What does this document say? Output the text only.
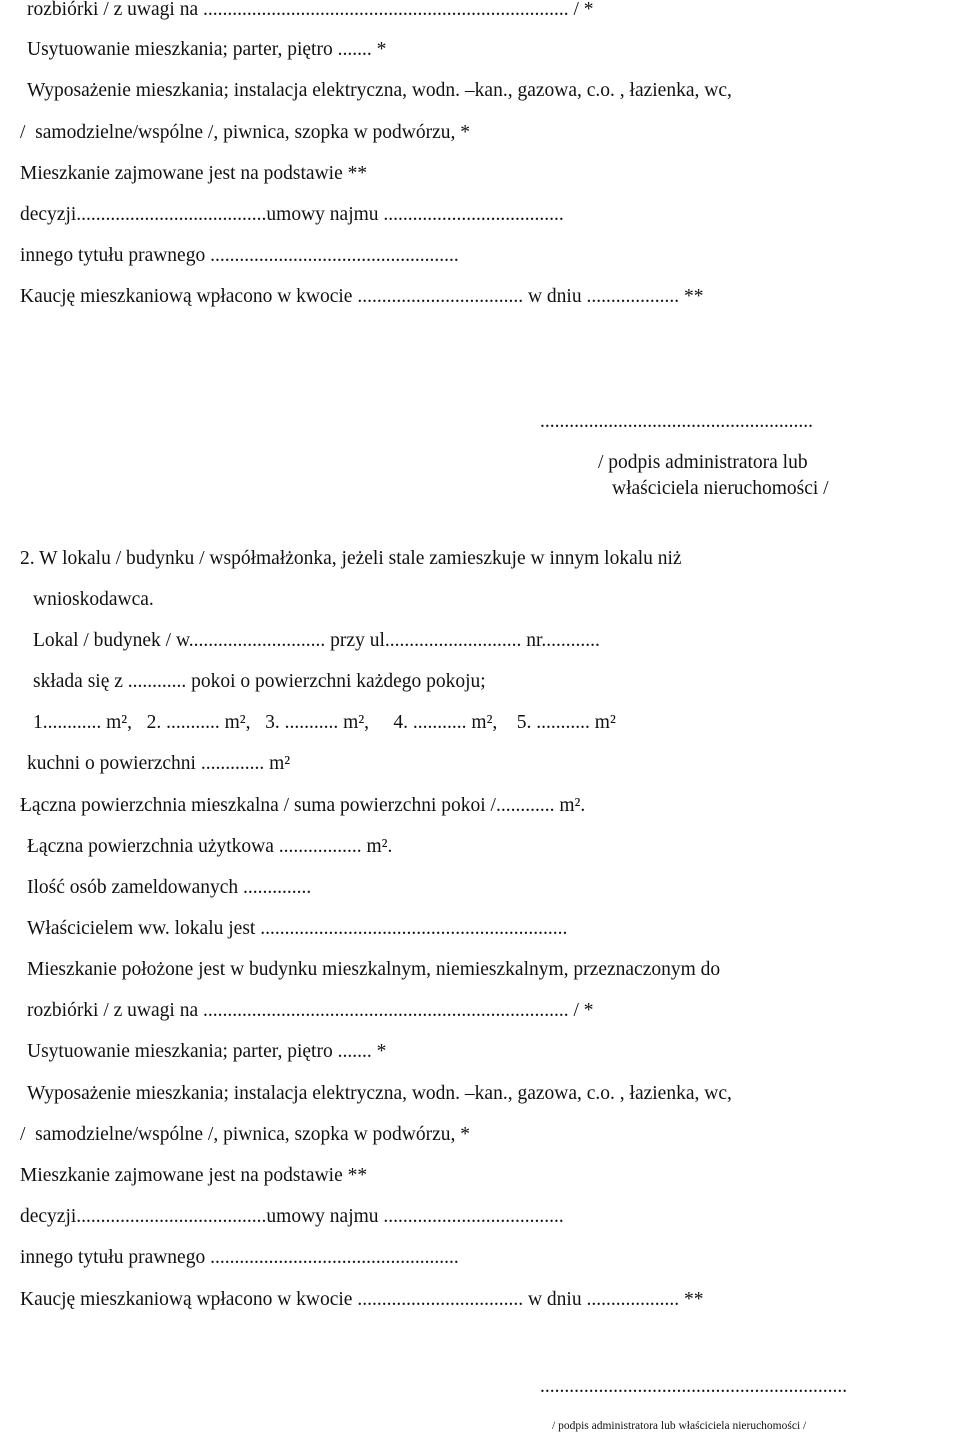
rozbiórki / z uwagi na ........................................................................... / *
Usytuowanie mieszkania; parter, piętro ....... *
Wyposażenie mieszkania; instalacja elektryczna, wodn. –kan., gazowa, c.o. , łazienka, wc,
/  samodzielne/wspólne /, piwnica, szopka w podwórzu, *
Mieszkanie zajmowane jest na podstawie **
decyzji.......................................umowy najmu .....................................
innego tytułu prawnego ...................................................
Kaucję mieszkaniową wpłacono w kwocie .................................. w dniu ................... **
........................................................
/ podpis administratora lub
właściciela nieruchomości /
2. W lokalu / budynku / współmałżonka, jeżeli stale zamieszkuje w innym lokalu niż
wnioskodawca.
Lokal / budynek / w............................ przy ul............................ nr............
składa się z ............ pokoi o powierzchni każdego pokoju;
1............ m²,   2. ........... m²,   3. ........... m²,     4. ........... m²,    5. ........... m²
kuchni o powierzchni ............. m²
Łączna powierzchnia mieszkalna / suma powierzchni pokoi /............ m².
Łączna powierzchnia użytkowa ................. m².
Ilość osób zameldowanych ..............
Właścicielem ww. lokalu jest ...............................................................
Mieszkanie położone jest w budynku mieszkalnym, niemieszkalnym, przeznaczonym do
rozbiórki / z uwagi na ........................................................................... / *
Usytuowanie mieszkania; parter, piętro ....... *
Wyposażenie mieszkania; instalacja elektryczna, wodn. –kan., gazowa, c.o. , łazienka, wc,
/  samodzielne/wspólne /, piwnica, szopka w podwórzu, *
Mieszkanie zajmowane jest na podstawie **
decyzji.......................................umowy najmu .....................................
innego tytułu prawnego ...................................................
Kaucję mieszkaniową wpłacono w kwocie .................................. w dniu ................... **
...............................................................
/ podpis administratora lub właściciela nieruchomości /
